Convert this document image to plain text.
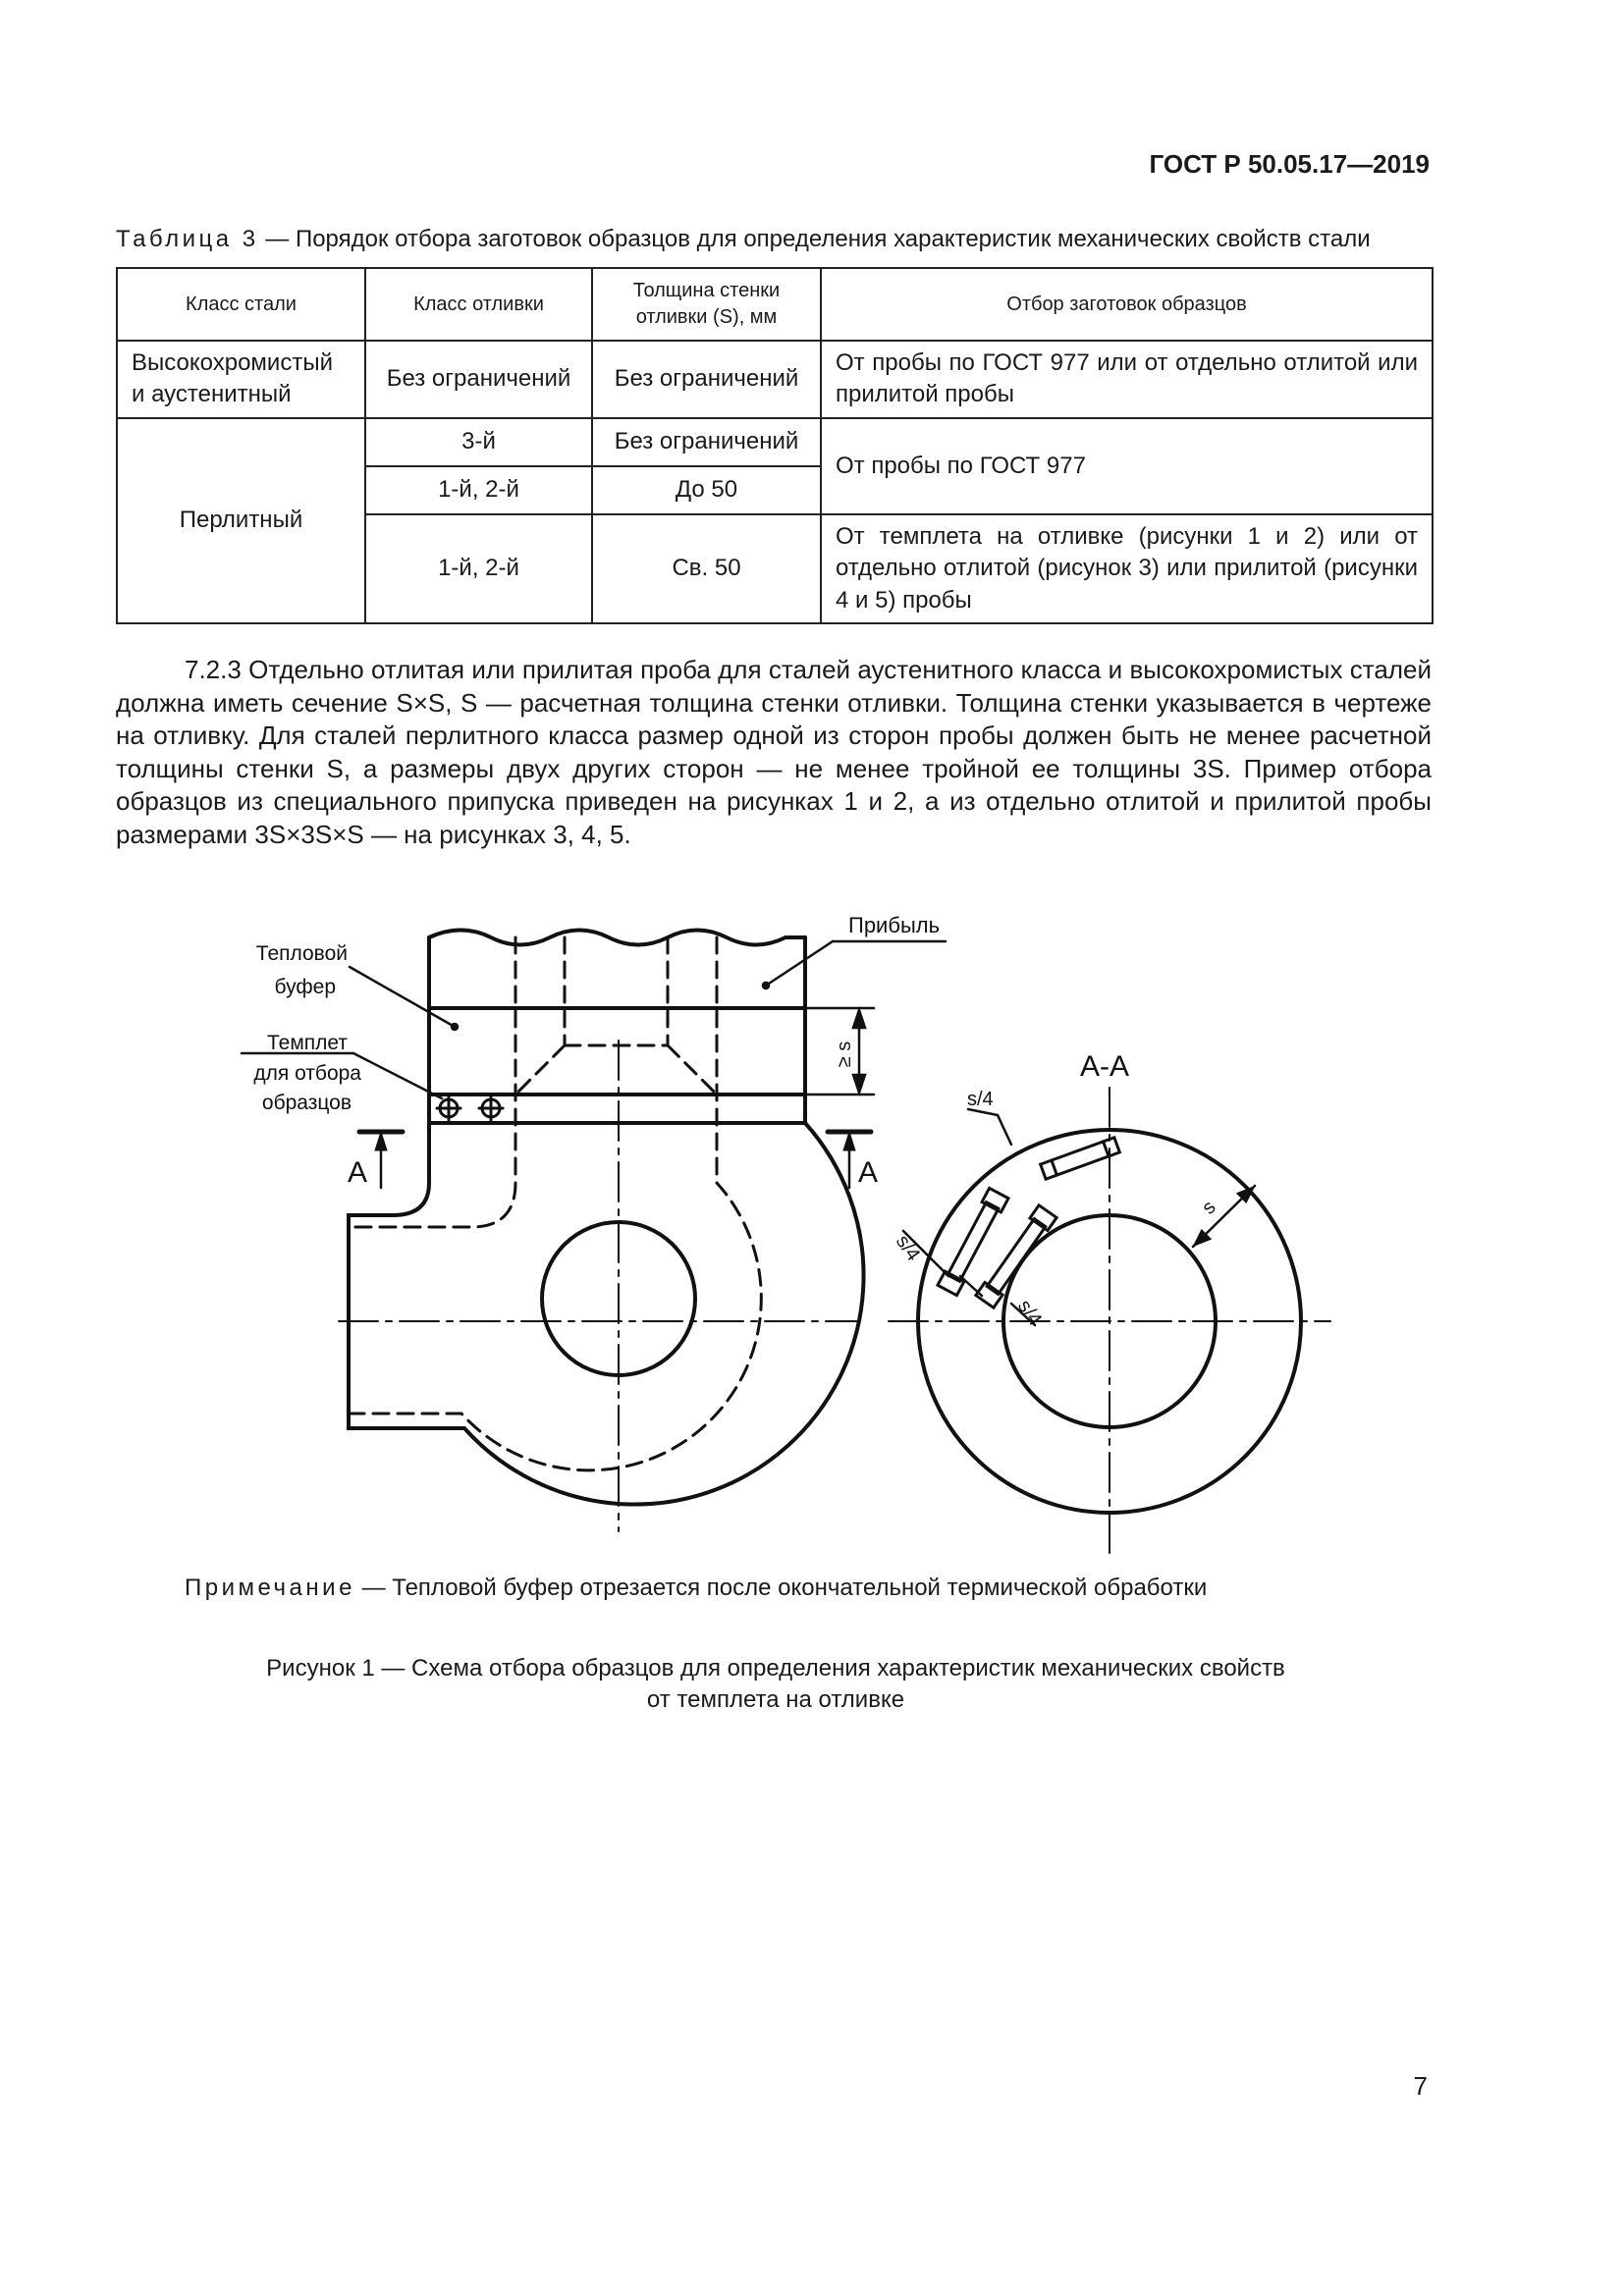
ГОСТ Р 50.05.17—2019
Таблица 3 — Порядок отбора заготовок образцов для определения характеристик механических свойств стали
Класс стали	Класс отливки	Толщина стенки отливки (S), мм	Отбор заготовок образцов
Высокохромистый и аустенитный	Без ограничений	Без ограничений	От пробы по ГОСТ 977 или от отдельно отлитой или прилитой пробы
Перлитный	3-й	Без ограничений	От пробы по ГОСТ 977
	1-й, 2-й	До 50	
	1-й, 2-й	Св. 50	От темплета на отливке (рисунки 1 и 2) или от отдельно отлитой (рисунок 3) или прилитой (рисунки 4 и 5) пробы
7.2.3 Отдельно отлитая или прилитая проба для сталей аустенитного класса и высокохромистых сталей должна иметь сечение S×S, S — расчетная толщина стенки отливки. Толщина стенки указывается в чертеже на отливку. Для сталей перлитного класса размер одной из сторон пробы должен быть не менее расчетной толщины стенки S, а размеры двух других сторон — не менее тройной ее толщины 3S. Пример отбора образцов из специального припуска приведен на рисунках 1 и 2, а из отдельно отлитой и прилитой пробы размерами 3S×3S×S — на рисунках 3, 4, 5.
Тепловой
буфер
Темплет
для отбора
образцов
Прибыль
А-А
А	А
≥ s
s
s/4
s/4
s/4
Примечание — Тепловой буфер отрезается после окончательной термической обработки
Рисунок 1 — Схема отбора образцов для определения характеристик механических свойств
от темплета на отливке
7
